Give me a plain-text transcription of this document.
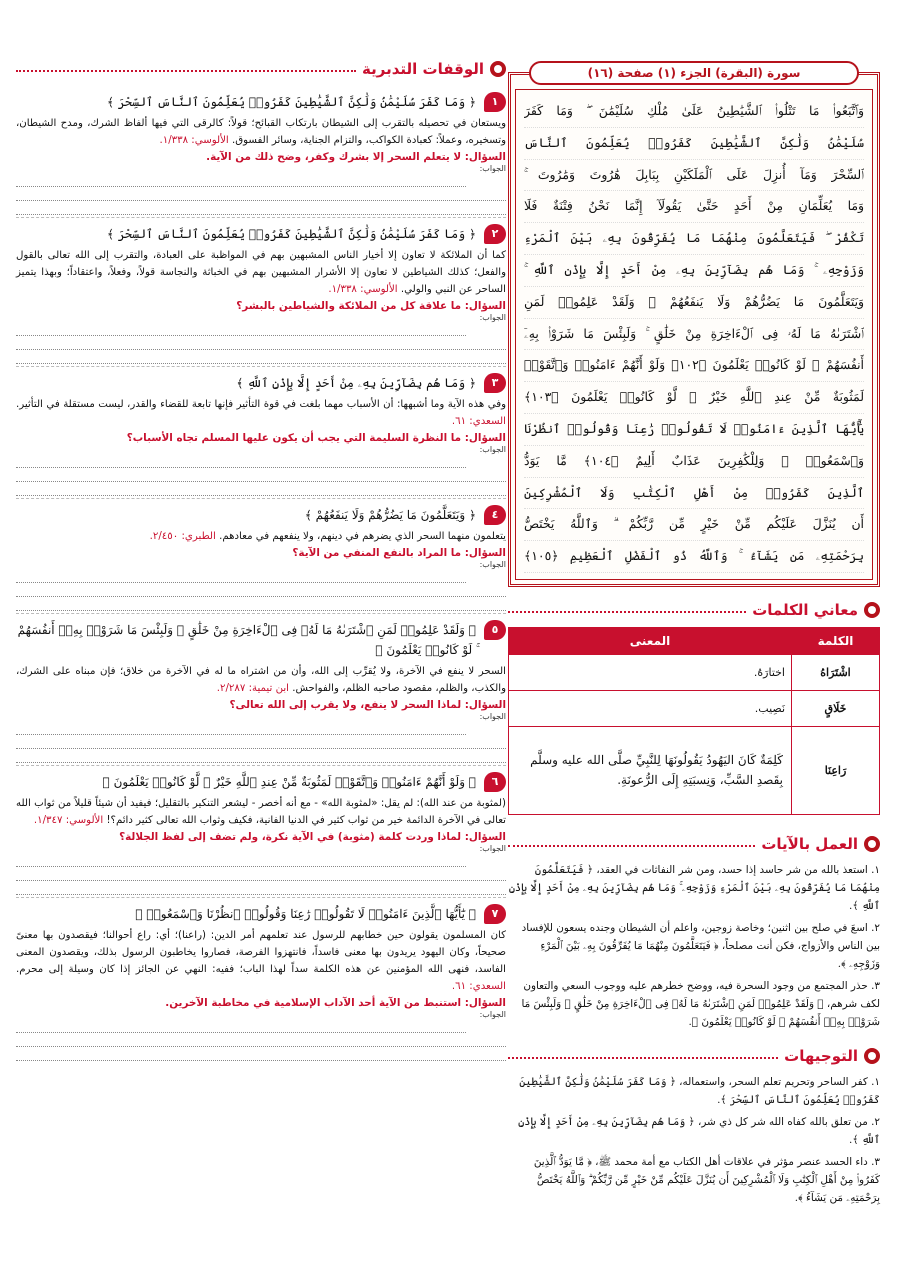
سورة (البقرة) الجزء (١) صفحة (١٦)
وَٱتَّبَعُوا۟ مَا تَتْلُوا۟ ٱلشَّيَٰطِينُ عَلَىٰ مُلْكِ سُلَيْمَٰنَ ۖ وَمَا كَفَرَ
سُلَيْمَٰنُ وَلَٰكِنَّ ٱلشَّيَٰطِينَ كَفَرُوا۟ يُعَلِّمُونَ ٱلنَّاسَ
ٱلسِّحْرَ وَمَآ أُنزِلَ عَلَى ٱلْمَلَكَيْنِ بِبَابِلَ هَٰرُوتَ وَمَٰرُوتَ ۚ
وَمَا يُعَلِّمَانِ مِنْ أَحَدٍ حَتَّىٰ يَقُولَآ إِنَّمَا نَحْنُ فِتْنَةٌ فَلَا
تَكْفُرْ ۖ فَيَتَعَلَّمُونَ مِنْهُمَا مَا يُفَرِّقُونَ بِهِۦ بَيْنَ ٱلْمَرْءِ
وَزَوْجِهِۦ ۚ وَمَا هُم بِضَآرِّينَ بِهِۦ مِنْ أَحَدٍ إِلَّا بِإِذْنِ ٱللَّهِ ۚ
وَيَتَعَلَّمُونَ مَا يَضُرُّهُمْ وَلَا يَنفَعُهُمْ ۚ وَلَقَدْ عَلِمُوا۟ لَمَنِ
ٱشْتَرَىٰهُ مَا لَهُۥ فِى ٱلْءَاخِرَةِ مِنْ خَلَٰقٍ ۚ وَلَبِئْسَ مَا شَرَوْا۟ بِهِۦٓ
أَنفُسَهُمْ ۚ لَوْ كَانُوا۟ يَعْلَمُونَ ﴿١٠٢﴾ وَلَوْ أَنَّهُمْ ءَامَنُوا۟ وَٱتَّقَوْا۟
لَمَثُوبَةٌ مِّنْ عِندِ ٱللَّهِ خَيْرٌ ۖ لَّوْ كَانُوا۟ يَعْلَمُونَ ﴿١٠٣﴾
يَٰٓأَيُّهَا ٱلَّذِينَ ءَامَنُوا۟ لَا تَقُولُوا۟ رَٰعِنَا وَقُولُوا۟ ٱنظُرْنَا
وَٱسْمَعُوا۟ ۗ وَلِلْكَٰفِرِينَ عَذَابٌ أَلِيمٌ ﴿١٠٤﴾ مَّا يَوَدُّ
ٱلَّذِينَ كَفَرُوا۟ مِنْ أَهْلِ ٱلْكِتَٰبِ وَلَا ٱلْمُشْرِكِينَ
أَن يُنَزَّلَ عَلَيْكُم مِّنْ خَيْرٍ مِّن رَّبِّكُمْ ۗ وَٱللَّهُ يَخْتَصُّ
بِرَحْمَتِهِۦ مَن يَشَآءُ ۚ وَٱللَّهُ ذُو ٱلْفَضْلِ ٱلْعَظِيمِ ﴿١٠٥﴾
معاني الكلمات
الكلمة	المعنى
اشْتَرَاهُ	اختارَهُ.
خَلَاقٍ	نَصِيب.
رَاعِنَا	كَلِمَةٌ كَانَ اليَهُودُ يَقُولُونَهَا لِلنَّبِيِّ صلَّى الله عليه وسلَّم بِقَصدِ السَّبِّ، وَنِسبَتِهِ إِلَى الرُّعونَةِ.
العمل بالآيات

١. استعذ بالله من شر حاسد إذا حسد، ومن شر النفاثات في العقد، ﴿ فَيَتَعَلَّمُونَ مِنْهُمَا مَا يُفَرِّقُونَ بِهِۦ بَيْنَ ٱلْمَرْءِ وَزَوْجِهِۦ ۚ وَمَا هُم بِضَآرِّينَ بِهِۦ مِنْ أَحَدٍ إِلَّا بِإِذْنِ ٱللَّهِ ﴾.

٢. اسعَ في صلح بين اثنين؛ وخاصة زوجين، واعلم أن الشيطان وجنده يسعون للإفساد بين الناس والأزواج، فكن أنت مصلحاً، ﴿ فَيَتَعَلَّمُونَ مِنْهُمَا مَا يُفَرِّقُونَ بِهِۦ بَيْنَ ٱلْمَرْءِ وَزَوْجِهِۦ ﴾.

٣. حذر المجتمع من وجود السحرة فيه، ووضح خطرهم عليه ووجوب السعي والتعاون لكف شرهم، ﴿ وَلَقَدْ عَلِمُوا۟ لَمَنِ ٱشْتَرَىٰهُ مَا لَهُۥ فِى ٱلْءَاخِرَةِ مِنْ خَلَٰقٍ ۚ وَلَبِئْسَ مَا شَرَوْا۟ بِهِۦٓ أَنفُسَهُمْ ۚ لَوْ كَانُوا۟ يَعْلَمُونَ ﴾.

التوجيهات

١. كفر الساحر وتحريم تعلم السحر، واستعماله، ﴿ وَمَا كَفَرَ سُلَيْمَٰنُ وَلَٰكِنَّ ٱلشَّيَٰطِينَ كَفَرُوا۟ يُعَلِّمُونَ ٱلنَّاسَ ٱلسِّحْرَ ﴾.

٢. من تعلق بالله كفاه الله شر كل ذي شر، ﴿ وَمَا هُم بِضَآرِّينَ بِهِۦ مِنْ أَحَدٍ إِلَّا بِإِذْنِ ٱللَّهِ ﴾.

٣. داء الحسد عنصر مؤثر في علاقات أهل الكتاب مع أمة محمد ﷺ، ﴿ مَّا يَوَدُّ ٱلَّذِينَ كَفَرُوا۟ مِنْ أَهْلِ ٱلْكِتَٰبِ وَلَا ٱلْمُشْرِكِينَ أَن يُنَزَّلَ عَلَيْكُم مِّنْ خَيْرٍ مِّن رَّبِّكُمْ ۗ وَٱللَّهُ يَخْتَصُّ بِرَحْمَتِهِۦ مَن يَشَآءُ ﴾.

الوقفات التدبرية
١
﴿ وَمَا كَفَرَ سُلَيْمَٰنُ وَلَٰكِنَّ ٱلشَّيَٰطِينَ كَفَرُوا۟ يُعَلِّمُونَ ٱلنَّاسَ ٱلسِّحْرَ ﴾

ويستعان في تحصيله بالتقرب إلى الشيطان بارتكاب القبائح؛ قولاً: كالرقى التي فيها ألفاظ الشرك، ومدح الشيطان، وتسخيره، وعملاً: كعبادة الكواكب، والتزام الجناية، وسائر الفسوق. الألوسي: ١/٣٣٨.

السؤال: لا يتعلم السحر إلا بشرك وكفر، وضح ذلك من الآية.
الجواب:
٢
﴿ وَمَا كَفَرَ سُلَيْمَٰنُ وَلَٰكِنَّ ٱلشَّيَٰطِينَ كَفَرُوا۟ يُعَلِّمُونَ ٱلنَّاسَ ٱلسِّحْرَ ﴾

كما أن الملائكة لا تعاون إلا أخيار الناس المشبهين بهم في المواظبة على العبادة، والتقرب إلى الله تعالى بالقول والفعل؛ كذلك الشياطين لا تعاون إلا الأشرار المشبهين بهم في الخباثة والنجاسة قولاً، وفعلاً، واعتقاداً؛ وبهذا يتميز الساحر عن النبي والولي. الألوسي: ١/٣٣٨.

السؤال: ما علاقة كل من الملائكة والشياطين بالبشر؟
الجواب:
٣
﴿ وَمَا هُم بِضَآرِّينَ بِهِۦ مِنْ أَحَدٍ إِلَّا بِإِذْنِ ٱللَّهِ ﴾

وفي هذه الآية وما أشبهها: أن الأسباب مهما بلغت في قوة التأثير فإنها تابعة للقضاء والقدر، ليست مستقلة في التأثير. السعدي: ٦١.

السؤال: ما النظرة السليمة التي يجب أن يكون عليها المسلم تجاه الأسباب؟
الجواب:
٤
﴿ وَيَتَعَلَّمُونَ مَا يَضُرُّهُمْ وَلَا يَنفَعُهُمْ ﴾

يتعلمون منهما السحر الذي يضرهم في دينهم، ولا ينفعهم في معادهم. الطبري: ٢/٤٥٠.

السؤال: ما المراد بالنفع المنفي من الآية؟
الجواب:
٥
﴿ وَلَقَدْ عَلِمُوا۟ لَمَنِ ٱشْتَرَىٰهُ مَا لَهُۥ فِى ٱلْءَاخِرَةِ مِنْ خَلَٰقٍ ۚ وَلَبِئْسَ مَا شَرَوْا۟ بِهِۦٓ أَنفُسَهُمْ ۚ لَوْ كَانُوا۟ يَعْلَمُونَ ﴾

السحر لا ينفع في الآخرة، ولا يُقرِّب إلى الله، وأن من اشتراه ما له في الآخرة من خلاق؛ فإن مبناه على الشرك، والكذب، والظلم، مقصود صاحبه الظلم، والفواحش. ابن تيمية: ٢/٢٨٧.

السؤال: لماذا السحر لا ينفع، ولا يقرب إلى الله تعالى؟
الجواب:
٦
﴿ وَلَوْ أَنَّهُمْ ءَامَنُوا۟ وَٱتَّقَوْا۟ لَمَثُوبَةٌ مِّنْ عِندِ ٱللَّهِ خَيْرٌ ۖ لَّوْ كَانُوا۟ يَعْلَمُونَ ﴾

(لمثوبة من عند الله): لم يقل: «لمثوبة الله» - مع أنه أخصر - ليشعر التنكير بالتقليل؛ فيفيد أن شيئاً قليلاً من ثواب الله تعالى في الآخرة الدائمة خير من ثواب كثير في الدنيا الفانية، فكيف وثواب الله تعالى كثير دائم؟! الألوسي: ١/٣٤٧.

السؤال: لماذا وردت كلمة (مثوبة) في الآية نكرة، ولم تضف إلى لفظ الجلالة؟
الجواب:
٧
﴿ يَٰٓأَيُّهَا ٱلَّذِينَ ءَامَنُوا۟ لَا تَقُولُوا۟ رَٰعِنَا وَقُولُوا۟ ٱنظُرْنَا وَٱسْمَعُوا۟ ﴾

كان المسلمون يقولون حين خطابهم للرسول عند تعلمهم أمر الدين: (راعنا)؛ أي: راع أحوالنا؛ فيقصدون بها معنىً صحيحاً، وكان اليهود يريدون بها معنى فاسداً، فانتهزوا الفرصة، فصاروا يخاطبون الرسول بذلك، ويقصدون المعنى الفاسد، فنهى الله المؤمنين عن هذه الكلمة سداً لهذا الباب؛ ففيه: النهي عن الجائز إذا كان وسيلة إلى محرم. السعدي: ٦١.

السؤال: استنبط من الآية أحد الآداب الإسلامية في مخاطبة الآخرين.
الجواب:
